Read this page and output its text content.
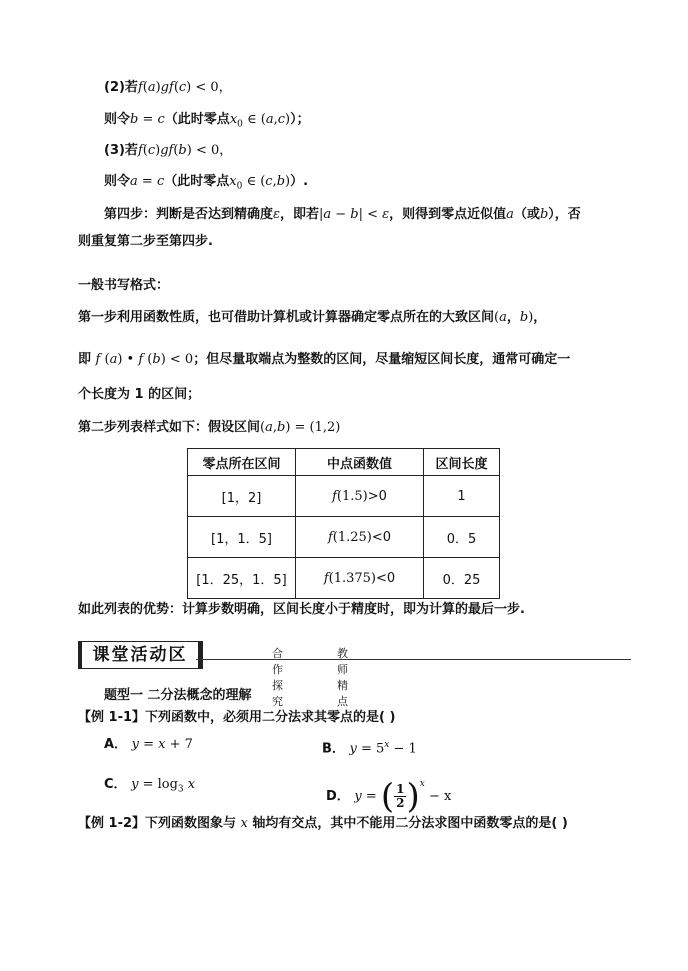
(2)若f(a)gf(c) < 0，
则令b = c（此时零点$x_0$ ∈ (a,c)）；
(3)若f(c)gf(b) < 0，
则令a = c（此时零点$x_0$ ∈ (c,b)）.
第四步：判断是否达到精确度ε，即若|a − b| < ε，则得到零点近似值a（或b），否
则重复第二步至第四步.
一般书写格式：
第一步利用函数性质，也可借助计算机或计算器确定零点所在的大致区间(a，b)，
即 f (a) • f (b) < 0；但尽量取端点为整数的区间，尽量缩短区间长度，通常可确定一
个长度为 1 的区间；
第二步列表样式如下：假设区间(a,b) = (1,2)
零点所在区间	中点函数值	区间长度
[1，2]	f(1.5)>0	1
[1，1．5]	f(1.25)<0	0．5
[1．25，1．5]	f(1.375)<0	0．25
如此列表的优势：计算步数明确，区间长度小于精度时，即为计算的最后一步.
课堂活动区	合作探究
教师精点
题型一 二分法概念的理解
【例 1-1】下列函数中，必须用二分法求其零点的是( )
A． y = x + 7	B． $y = 5^x - 1$
C． $y = \log_3 x$
D． y = ( $\frac{1}{2} )^x - x$
【例 1-2】下列函数图象与 x 轴均有交点，其中不能用二分法求图中函数零点的是( )
